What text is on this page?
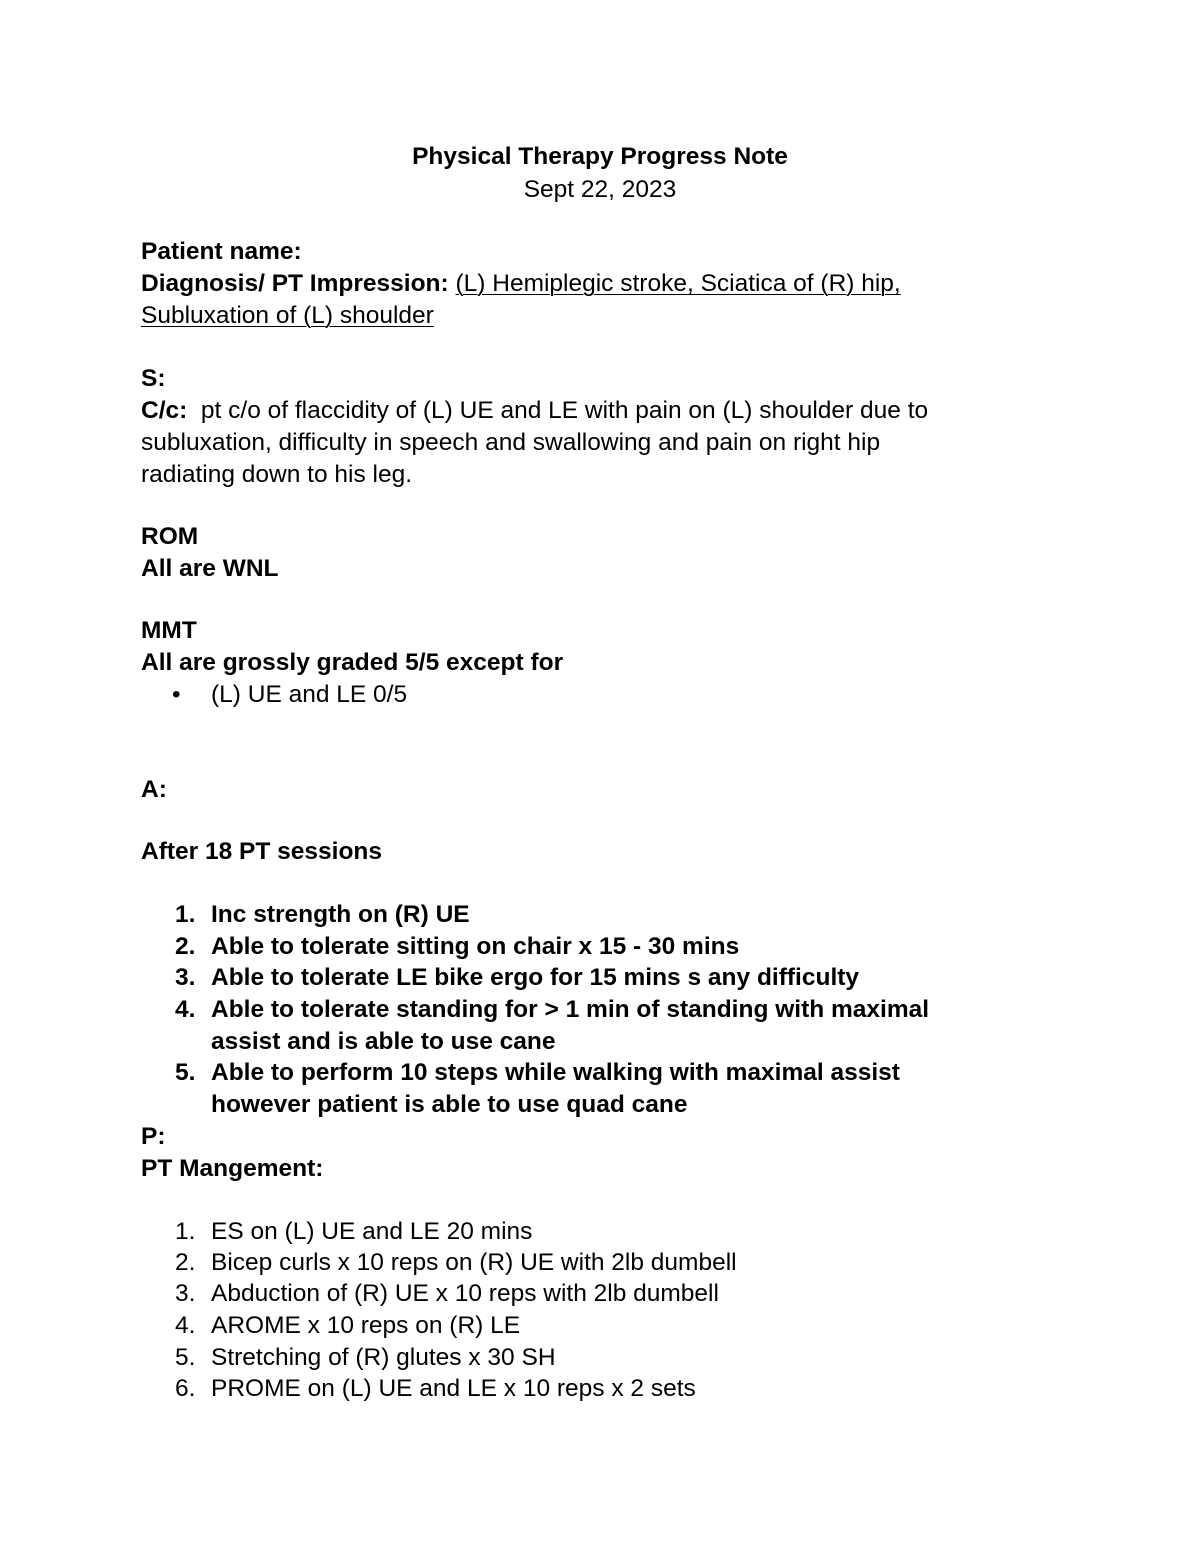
Physical Therapy Progress Note
Sept 22, 2023
Patient name:
Diagnosis/ PT Impression: (L) Hemiplegic stroke, Sciatica of (R) hip,
Subluxation of (L) shoulder
S:
C/c:  pt c/o of flaccidity of (L) UE and LE with pain on (L) shoulder due to
subluxation, difficulty in speech and swallowing and pain on right hip
radiating down to his leg.
ROM
All are WNL
MMT
All are grossly graded 5/5 except for
• (L) UE and LE 0/5
A:
After 18 PT sessions
1. Inc strength on (R) UE
2. Able to tolerate sitting on chair x 15 - 30 mins
3. Able to tolerate LE bike ergo for 15 mins s any difficulty
4. Able to tolerate standing for > 1 min of standing with maximal
assist and is able to use cane
5. Able to perform 10 steps while walking with maximal assist
however patient is able to use quad cane
P:
PT Mangement:
1. ES on (L) UE and LE 20 mins
2. Bicep curls x 10 reps on (R) UE with 2lb dumbell
3. Abduction of (R) UE x 10 reps with 2lb dumbell
4. AROME x 10 reps on (R) LE
5. Stretching of (R) glutes x 30 SH
6. PROME on (L) UE and LE x 10 reps x 2 sets
